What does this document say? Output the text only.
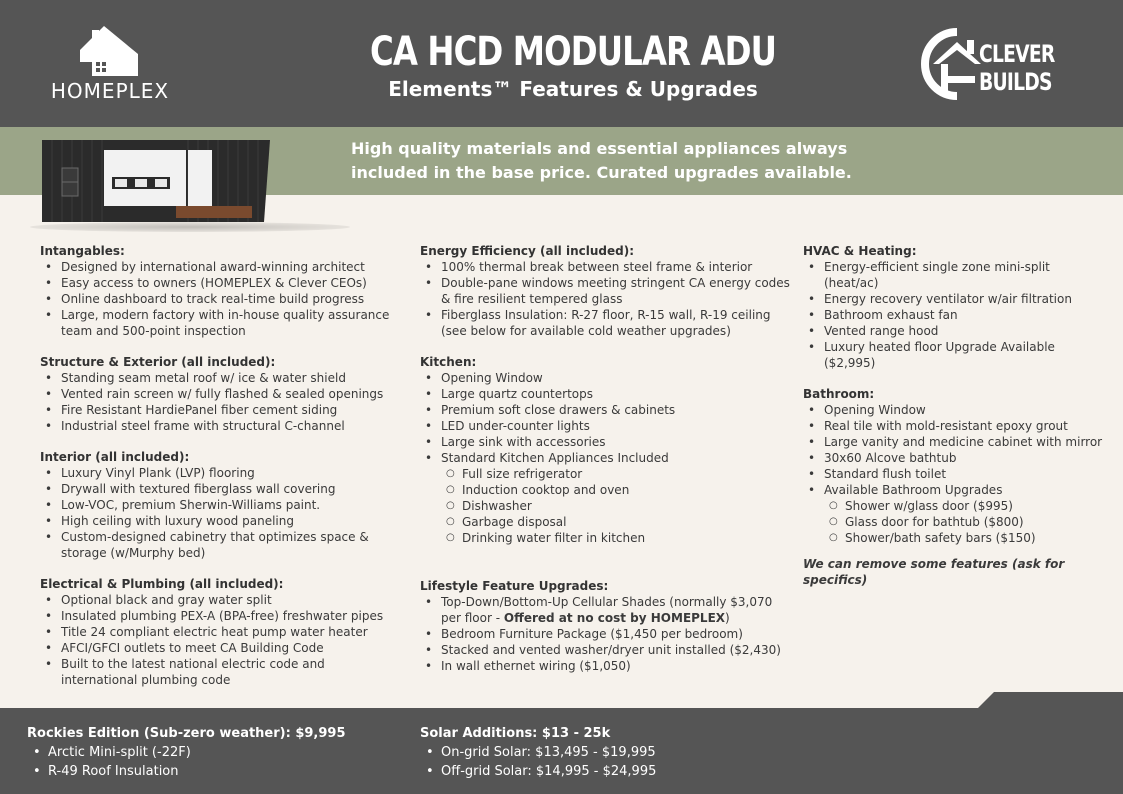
HOMEPLEX
CA HCD MODULAR ADU
Elements™ Features & Upgrades
CLEVER
BUILDS
High quality materials and essential appliances always included in the base price. Curated upgrades available.
Intangables:
• Designed by international award-winning architect
• Easy access to owners (HOMEPLEX & Clever CEOs)
• Online dashboard to track real-time build progress
• Large, modern factory with in-house quality assurance team and 500-point inspection
Structure & Exterior (all included):
• Standing seam metal roof w/ ice & water shield
• Vented rain screen w/ fully flashed & sealed openings
• Fire Resistant HardiePanel fiber cement siding
• Industrial steel frame with structural C-channel
Interior (all included):
• Luxury Vinyl Plank (LVP) flooring
• Drywall with textured fiberglass wall covering
• Low-VOC, premium Sherwin-Williams paint.
• High ceiling with luxury wood paneling
• Custom-designed cabinetry that optimizes space & storage (w/Murphy bed)
Electrical & Plumbing (all included):
• Optional black and gray water split
• Insulated plumbing PEX-A (BPA-free) freshwater pipes
• Title 24 compliant electric heat pump water heater
• AFCI/GFCI outlets to meet CA Building Code
• Built to the latest national electric code and international plumbing code
Energy Efficiency (all included):
• 100% thermal break between steel frame & interior
• Double-pane windows meeting stringent CA energy codes & fire resilient tempered glass
• Fiberglass Insulation: R-27 floor, R-15 wall, R-19 ceiling (see below for available cold weather upgrades)
Kitchen:
• Opening Window
• Large quartz countertops
• Premium soft close drawers & cabinets
• LED under-counter lights
• Large sink with accessories
• Standard Kitchen Appliances Included
○ Full size refrigerator
○ Induction cooktop and oven
○ Dishwasher
○ Garbage disposal
○ Drinking water filter in kitchen
Lifestyle Feature Upgrades:
• Top-Down/Bottom-Up Cellular Shades (normally $3,070 per floor - Offered at no cost by HOMEPLEX)
• Bedroom Furniture Package ($1,450 per bedroom)
• Stacked and vented washer/dryer unit installed ($2,430)
• In wall ethernet wiring ($1,050)
HVAC & Heating:
• Energy-efficient single zone mini-split (heat/ac)
• Energy recovery ventilator w/air filtration
• Bathroom exhaust fan
• Vented range hood
• Luxury heated floor Upgrade Available ($2,995)
Bathroom:
• Opening Window
• Real tile with mold-resistant epoxy grout
• Large vanity and medicine cabinet with mirror
• 30x60 Alcove bathtub
• Standard flush toilet
• Available Bathroom Upgrades
○ Shower w/glass door ($995)
○ Glass door for bathtub ($800)
○ Shower/bath safety bars ($150)
We can remove some features (ask for specifics)
Rockies Edition (Sub-zero weather): $9,995
• Arctic Mini-split (-22F)
• R-49 Roof Insulation
Solar Additions: $13 - 25k
• On-grid Solar: $13,495 - $19,995
• Off-grid Solar: $14,995 - $24,995
